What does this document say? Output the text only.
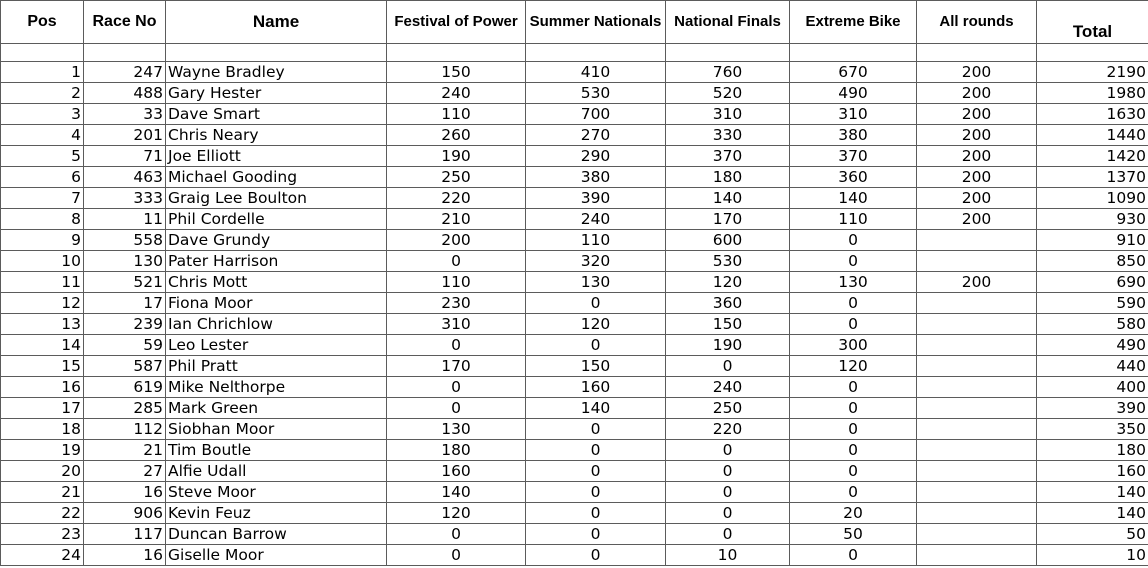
Pos	Race No	Name	Festival of Power	Summer Nationals	National Finals	Extreme Bike	All rounds	Total

1	247	Wayne Bradley	150	410	760	670	200	2190
2	488	Gary Hester	240	530	520	490	200	1980
3	33	Dave Smart	110	700	310	310	200	1630
4	201	Chris Neary	260	270	330	380	200	1440
5	71	Joe Elliott	190	290	370	370	200	1420
6	463	Michael Gooding	250	380	180	360	200	1370
7	333	Graig Lee Boulton	220	390	140	140	200	1090
8	11	Phil Cordelle	210	240	170	110	200	930
9	558	Dave Grundy	200	110	600	0		910
10	130	Pater Harrison	0	320	530	0		850
11	521	Chris Mott	110	130	120	130	200	690
12	17	Fiona Moor	230	0	360	0		590
13	239	Ian Chrichlow	310	120	150	0		580
14	59	Leo Lester	0	0	190	300		490
15	587	Phil Pratt	170	150	0	120		440
16	619	Mike Nelthorpe	0	160	240	0		400
17	285	Mark Green	0	140	250	0		390
18	112	Siobhan Moor	130	0	220	0		350
19	21	Tim Boutle	180	0	0	0		180
20	27	Alfie Udall	160	0	0	0		160
21	16	Steve Moor	140	0	0	0		140
22	906	Kevin Feuz	120	0	0	20		140
23	117	Duncan Barrow	0	0	0	50		50
24	16	Giselle Moor	0	0	10	0		10
